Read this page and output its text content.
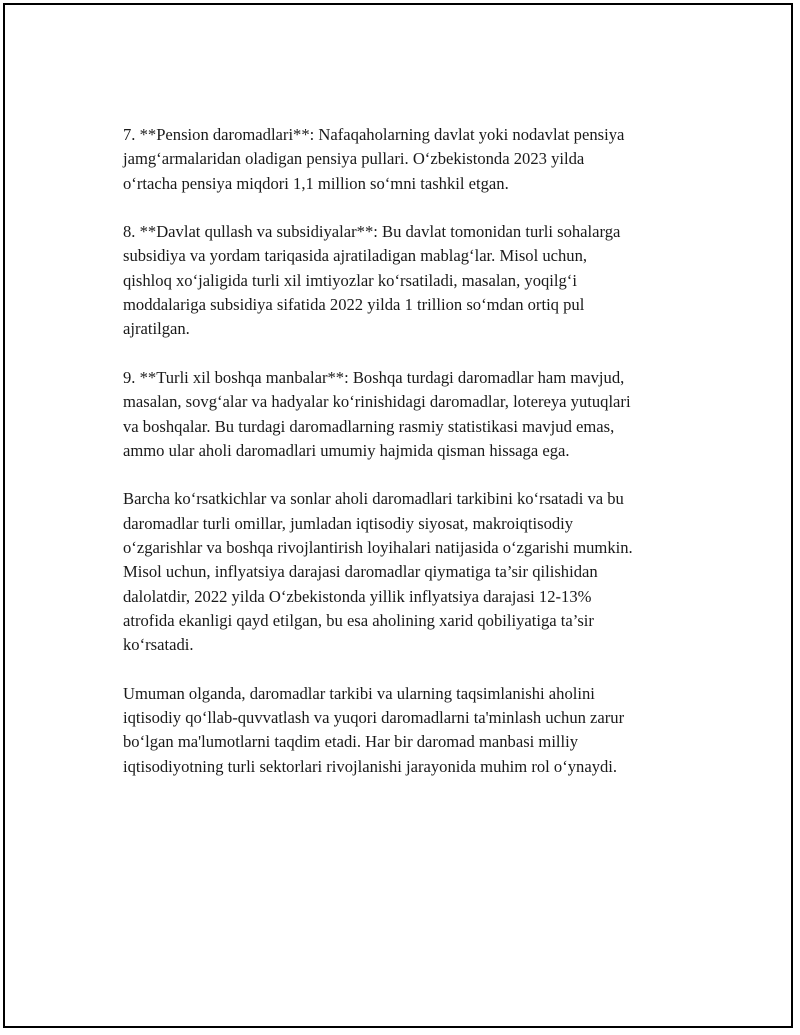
7. **Pension daromadlari**: Nafaqaholarning davlat yoki nodavlat pensiya
jamg‘armalaridan oladigan pensiya pullari. O‘zbekistonda 2023 yilda
o‘rtacha pensiya miqdori 1,1 million so‘mni tashkil etgan.

8. **Davlat qullash va subsidiyalar**: Bu davlat tomonidan turli sohalarga
subsidiya va yordam tariqasida ajratiladigan mablag‘lar. Misol uchun,
qishloq xo‘jaligida turli xil imtiyozlar ko‘rsatiladi, masalan, yoqilg‘i
moddalariga subsidiya sifatida 2022 yilda 1 trillion so‘mdan ortiq pul
ajratilgan.

9. **Turli xil boshqa manbalar**: Boshqa turdagi daromadlar ham mavjud,
masalan, sovg‘alar va hadyalar ko‘rinishidagi daromadlar, lotereya yutuqlari
va boshqalar. Bu turdagi daromadlarning rasmiy statistikasi mavjud emas,
ammo ular aholi daromadlari umumiy hajmida qisman hissaga ega.

Barcha ko‘rsatkichlar va sonlar aholi daromadlari tarkibini ko‘rsatadi va bu
daromadlar turli omillar, jumladan iqtisodiy siyosat, makroiqtisodiy
o‘zgarishlar va boshqa rivojlantirish loyihalari natijasida o‘zgarishi mumkin.
Misol uchun, inflyatsiya darajasi daromadlar qiymatiga ta’sir qilishidan
dalolatdir, 2022 yilda O‘zbekistonda yillik inflyatsiya darajasi 12-13%
atrofida ekanligi qayd etilgan, bu esa aholining xarid qobiliyatiga ta’sir
ko‘rsatadi.

Umuman olganda, daromadlar tarkibi va ularning taqsimlanishi aholini
iqtisodiy qo‘llab-quvvatlash va yuqori daromadlarni ta'minlash uchun zarur
bo‘lgan ma'lumotlarni taqdim etadi. Har bir daromad manbasi milliy
iqtisodiyotning turli sektorlari rivojlanishi jarayonida muhim rol o‘ynaydi.
